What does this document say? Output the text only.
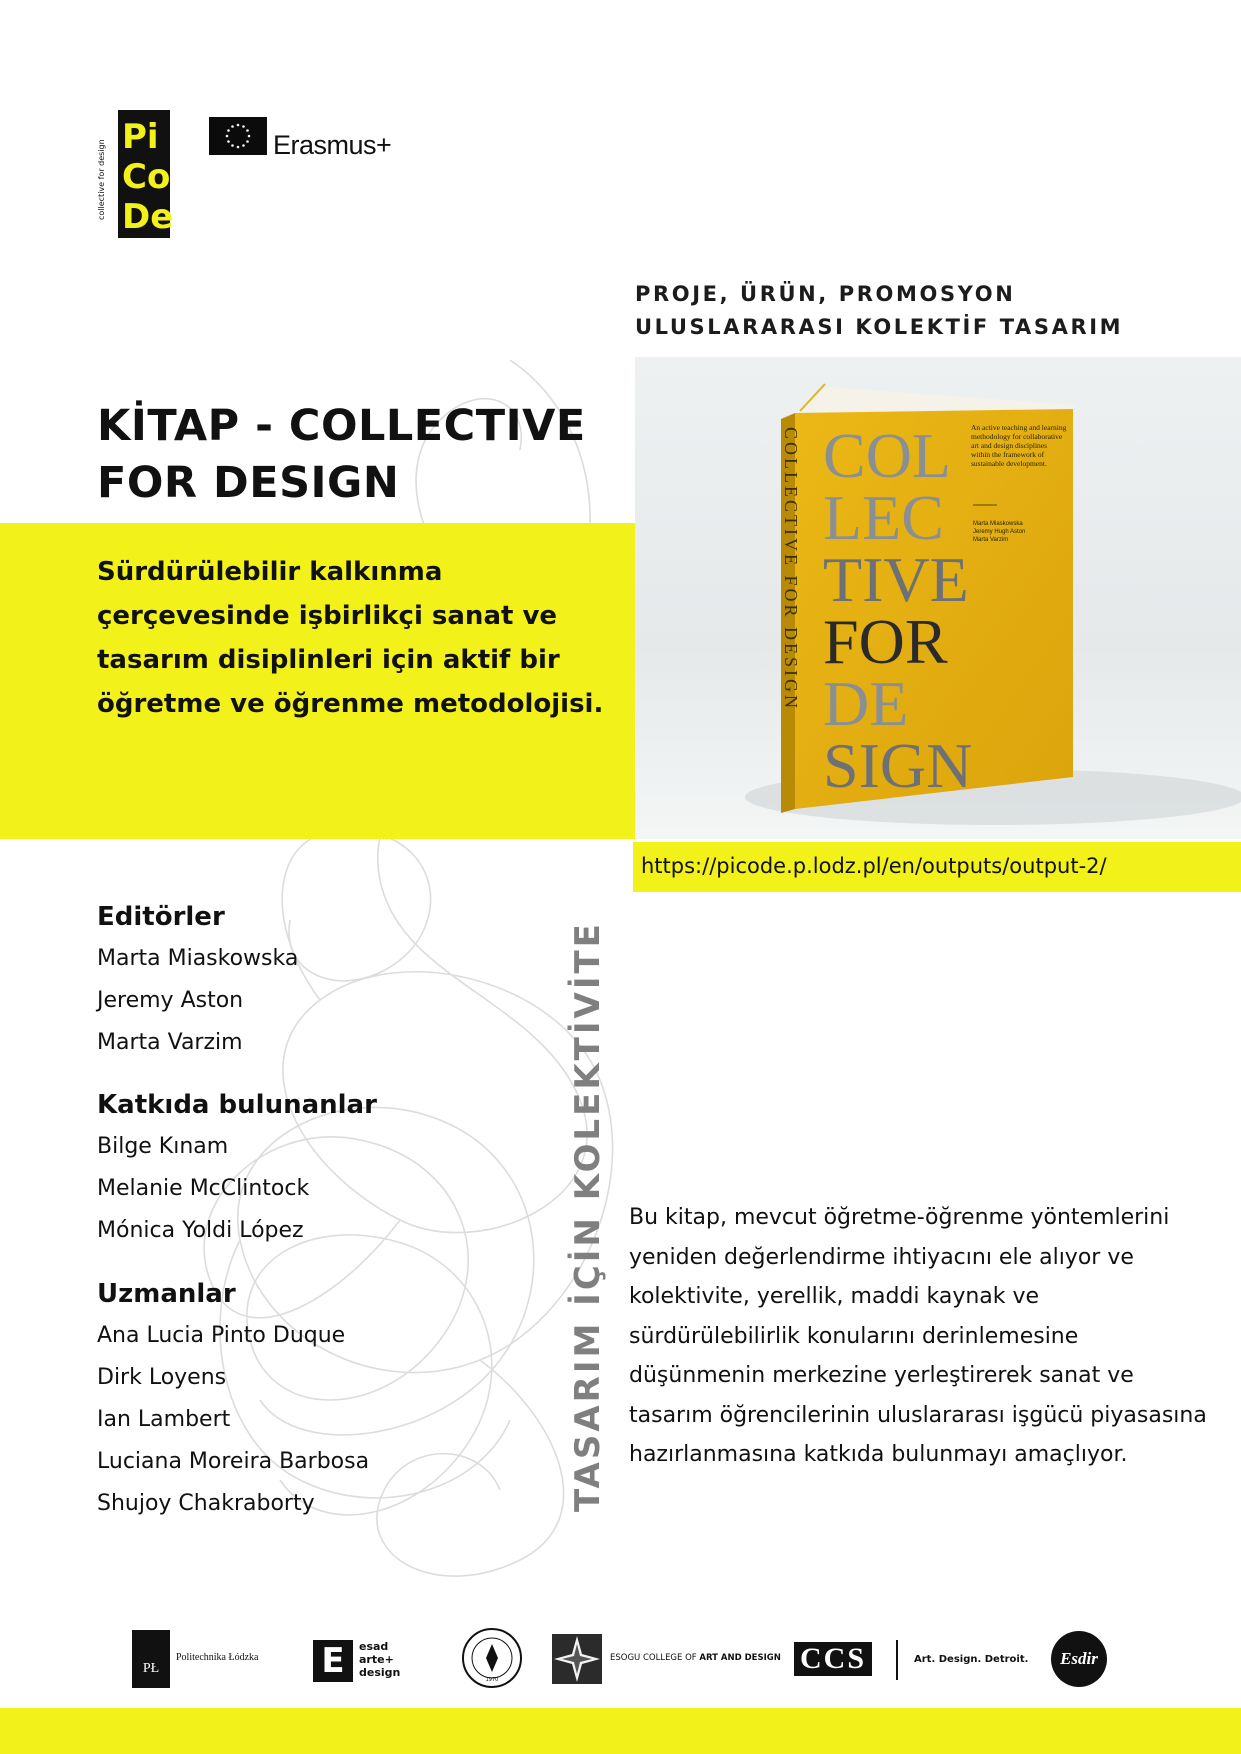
collective for design
Pi
Co
De
Erasmus+
PROJE, ÜRÜN, PROMOSYON
ULUSLARARASI KOLEKTİF TASARIM
KİTAP - COLLECTIVE
FOR DESIGN
Sürdürülebilir kalkınma çerçevesinde işbirlikçi sanat ve tasarım disiplinleri için aktif bir öğretme ve öğrenme metodolojisi.
COL
LEC
TIVE
FOR
DE
SIGN
COLLECTIVE FOR DESIGN	An active teaching and learning methodology for collaborative art and design disciplines within the framework of sustainable development.
Marta Miaskowska
Jeremy Hugh Aston
Marta Varzim
https://picode.p.lodz.pl/en/outputs/output-2/
Editörler
Marta Miaskowska
Jeremy Aston
Marta Varzim
Katkıda bulunanlar
Bilge Kınam
Melanie McClintock
Mónica Yoldi López
Uzmanlar
Ana Lucia Pinto Duque
Dirk Loyens
Ian Lambert
Luciana Moreira Barbosa
Shujoy Chakraborty	TASARIM İÇİN KOLEKTİVİTE Bu kitap, mevcut öğretme-öğrenme yöntemlerini yeniden değerlendirme ihtiyacını ele alıyor ve kolektivite, yerellik, maddi kaynak ve sürdürülebilirlik konularını derinlemesine düşünmenin merkezine yerleştirerek sanat ve tasarım öğrencilerinin uluslararası işgücü piyasasına hazırlanmasına katkıda bulunmayı amaçlıyor.
PŁ
Politechnika Łódzka E	esad
arte+
design
1970
ESOGU COLLEGE OF ART AND DESIGN CCS	Art. Design. Detroit.	Esdir
